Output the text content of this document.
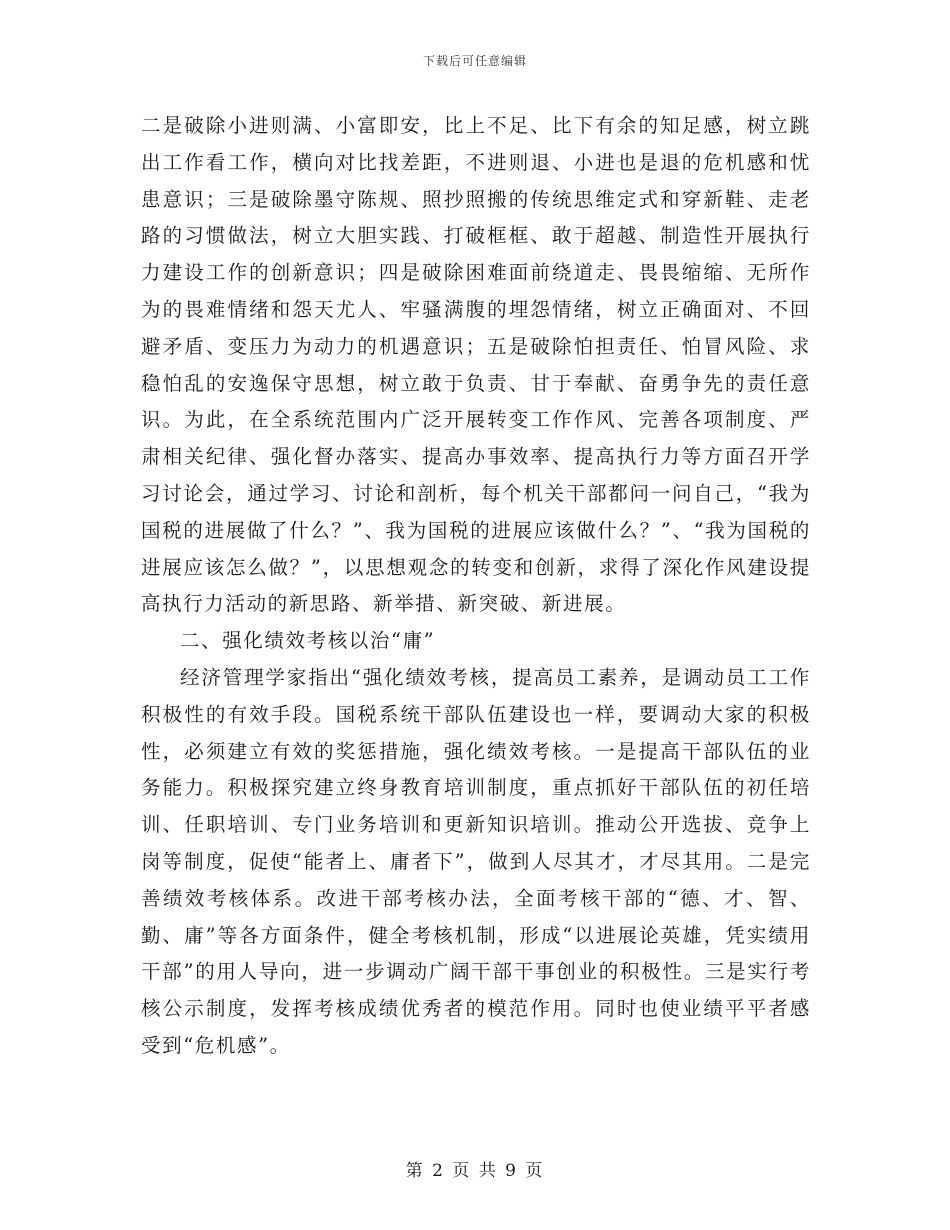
下载后可任意编辑

二是破除小进则满、小富即安，比上不足、比下有余的知足感，树立跳出工作看工作，横向对比找差距，不进则退、小进也是退的危机感和忧患意识；三是破除墨守陈规、照抄照搬的传统思维定式和穿新鞋、走老路的习惯做法，树立大胆实践、打破框框、敢于超越、制造性开展执行力建设工作的创新意识；四是破除困难面前绕道走、畏畏缩缩、无所作为的畏难情绪和怨天尤人、牢骚满腹的埋怨情绪，树立正确面对、不回避矛盾、变压力为动力的机遇意识；五是破除怕担责任、怕冒风险、求稳怕乱的安逸保守思想，树立敢于负责、甘于奉献、奋勇争先的责任意识。为此，在全系统范围内广泛开展转变工作作风、完善各项制度、严肃相关纪律、强化督办落实、提高办事效率、提高执行力等方面召开学习讨论会，通过学习、讨论和剖析，每个机关干部都问一问自己，“我为国税的进展做了什么？”、我为国税的进展应该做什么？”、“我为国税的进展应该怎么做？”，以思想观念的转变和创新，求得了深化作风建设提高执行力活动的新思路、新举措、新突破、新进展。

二、强化绩效考核以治“庸”

经济管理学家指出“强化绩效考核，提高员工素养，是调动员工工作积极性的有效手段。国税系统干部队伍建设也一样，要调动大家的积极性，必须建立有效的奖惩措施，强化绩效考核。一是提高干部队伍的业务能力。积极探究建立终身教育培训制度，重点抓好干部队伍的初任培训、任职培训、专门业务培训和更新知识培训。推动公开选拔、竞争上岗等制度，促使“能者上、庸者下”，做到人尽其才，才尽其用。二是完善绩效考核体系。改进干部考核办法，全面考核干部的“德、才、智、勤、庸”等各方面条件，健全考核机制，形成“以进展论英雄，凭实绩用干部”的用人导向，进一步调动广阔干部干事创业的积极性。三是实行考核公示制度，发挥考核成绩优秀者的模范作用。同时也使业绩平平者感受到“危机感”。

第 2 页 共 9 页
